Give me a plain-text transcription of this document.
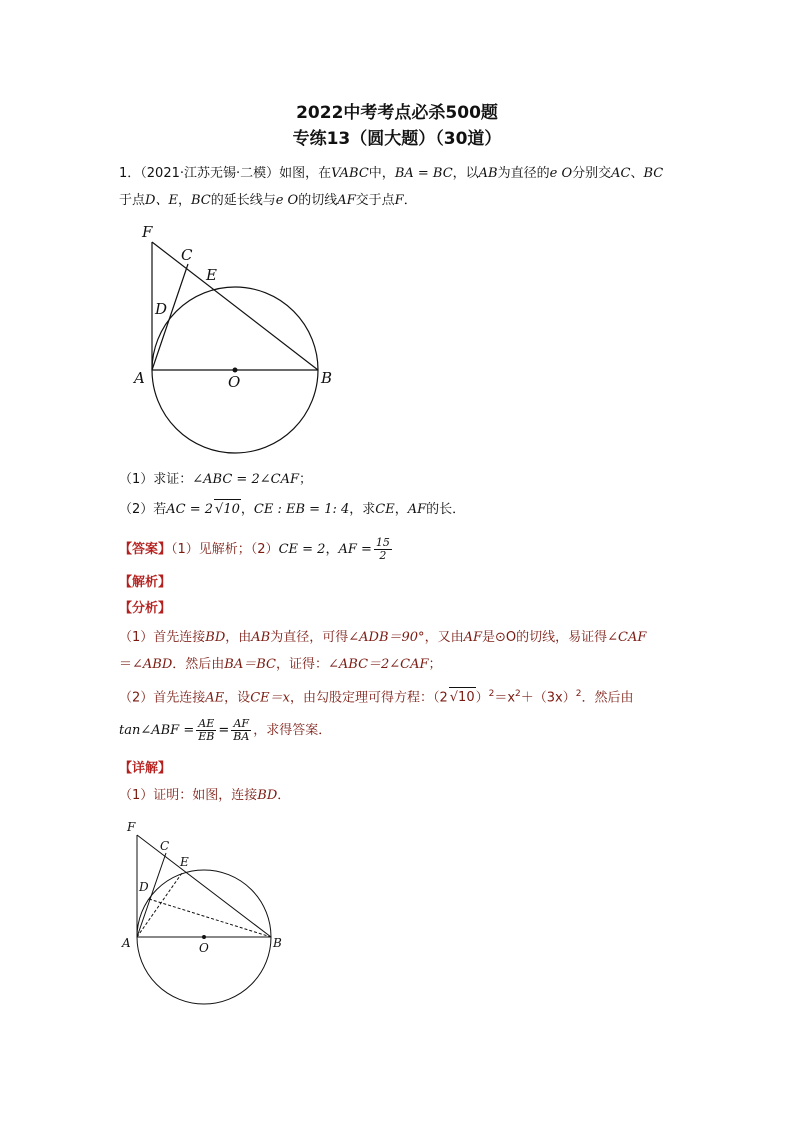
2022中考考点必杀500题
专练13（圆大题）（30道）
1．（2021·江苏无锡·二模）如图，在VABC中，BA = BC，以AB为直径的e O分别交AC、BC
于点D、E，BC的延长线与e O的切线AF交于点F．
F
C
E
D
A	O	B
（1）求证：∠ABC = 2∠CAF；
（2）若AC = 2 √10，CE : EB = 1: 4，求CE，AF的长．
【答案】（1）见解析；（2）CE = 2，AF = $\frac{15}{2}$
【解析】
【分析】
（1）首先连接BD，由AB为直径，可得∠ADB＝90°，又由AF是⊙O的切线，易证得∠CAF
＝∠ABD．然后由BA＝BC，证得：∠ABC＝2∠CAF；
（2）首先连接AE，设CE＝x，由勾股定理可得方程：（2 $√10)^2=x^2+(3x)^2$．然后由
tan∠ABF = $\frac{AE}{EB} = \frac{AF}{BA}$ ，求得答案．
【详解】
（1）证明：如图，连接BD．
F
C
E
D
A	O	B
